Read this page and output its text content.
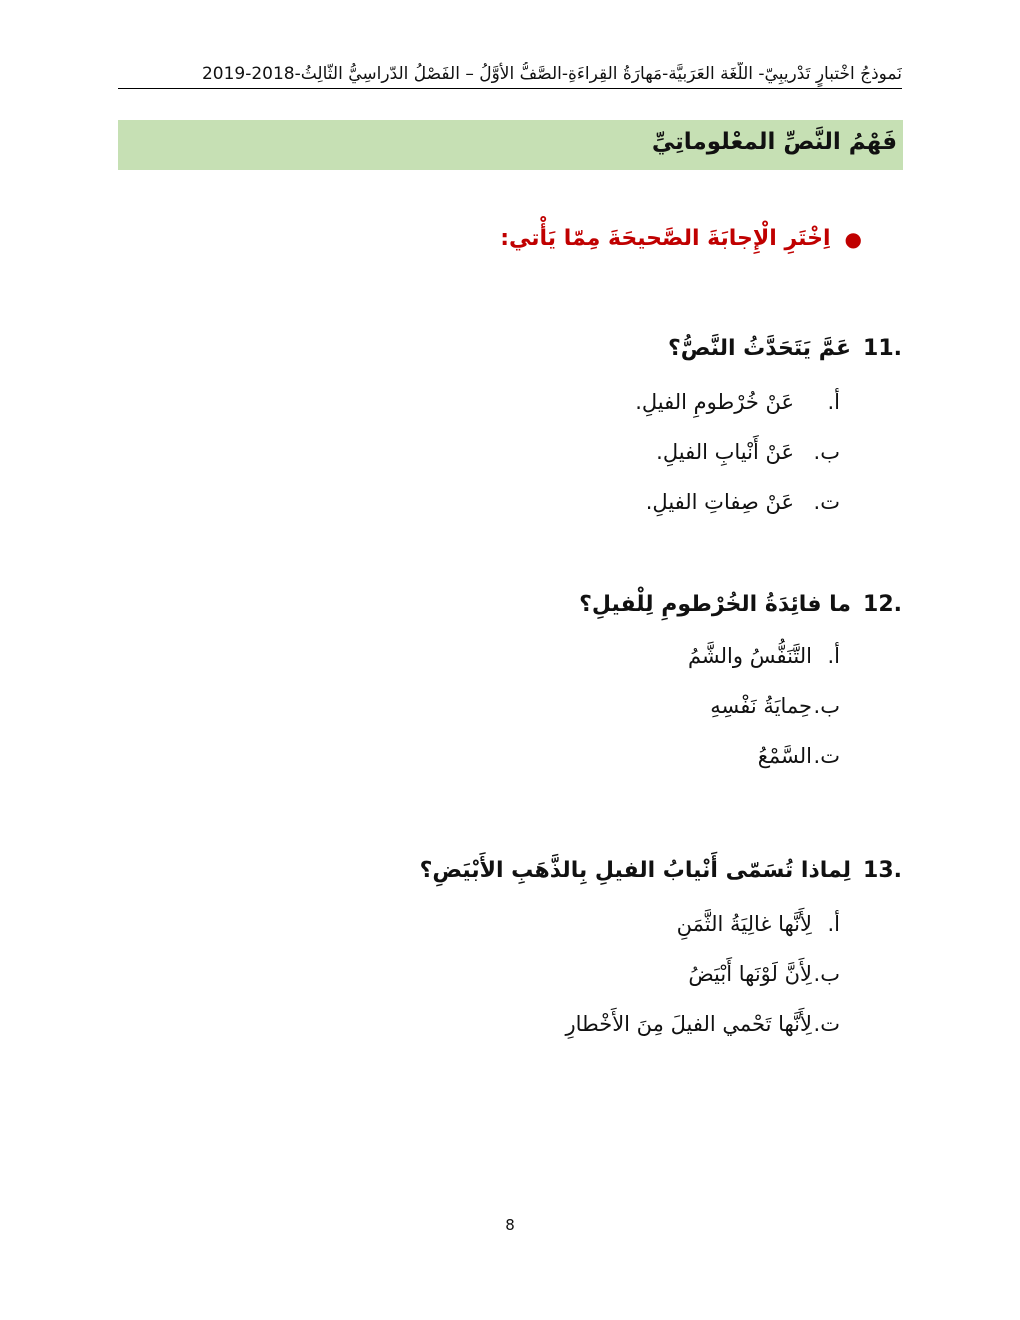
نَموذجُ اخْتبارٍ تَدْريبِيّ- اللُّغَة العَرَبيَّة-مَهارَةُ القِراءَةِ-الصَّفُّ الأَوَّلُ – الفَصْلُ الدّراسِيُّ الثّالِثُ-2018-2019
فَهْمُ النَّصِّ المعْلوماتِيِّ
●
اِخْتَرِ الْإِجابَةَ الصَّحيحَةَ مِمّا يَأْتي:
11.
عَمَّ يَتَحَدَّثُ النَّصُّ؟
أ.
عَنْ خُرْطومِ الفيلِ.
ب.
عَنْ أَنْيابِ الفيلِ.
ت.
عَنْ صِفاتِ الفيلِ.
12.
ما فائِدَةُ الخُرْطومِ لِلْفيلِ؟
أ.
التَّنَفُّسُ والشَّمُ
ب.
حِمايَةُ نَفْسِهِ
ت.
السَّمْعُ
13.
لِماذا تُسَمّى أَنْيابُ الفيلِ بِالذَّهَبِ الأَبْيَضِ؟
أ.
لِأَنَّها غالِيَةُ الثَّمَنِ
ب.
لِأَنَّ لَوْنَها أَبْيَضُ
ت.
لِأَنَّها تَحْمي الفيلَ مِنَ الأَخْطارِ
8
